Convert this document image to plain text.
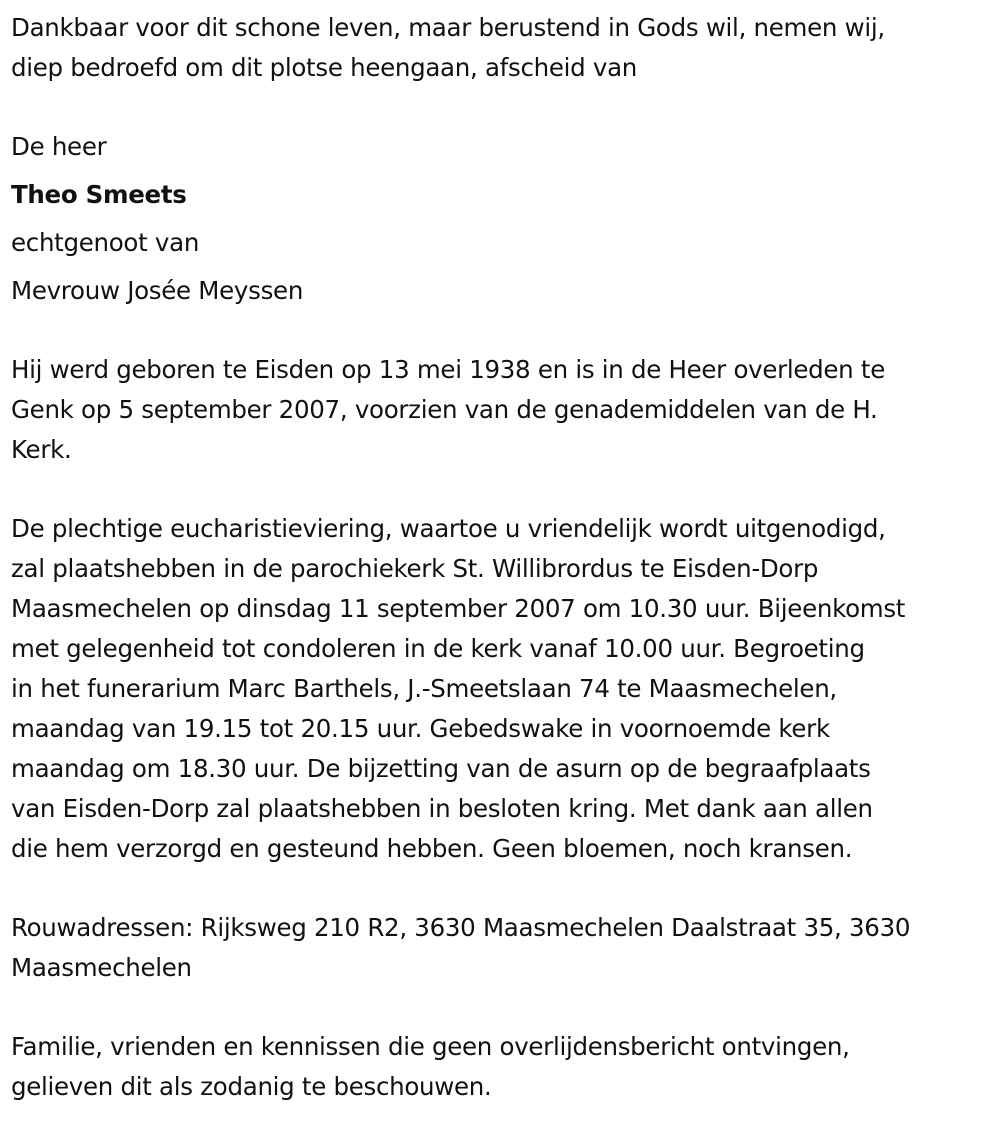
Dankbaar voor dit schone leven, maar berustend in Gods wil, nemen wij,

diep bedroefd om dit plotse heengaan, afscheid van

De heer

Theo Smeets

echtgenoot van

Mevrouw Josée Meyssen

Hij werd geboren te Eisden op 13 mei 1938 en is in de Heer overleden te

Genk op 5 september 2007, voorzien van de genademiddelen van de H.

Kerk.

De plechtige eucharistieviering, waartoe u vriendelijk wordt uitgenodigd,

zal plaatshebben in de parochiekerk St. Willibrordus te Eisden-Dorp

Maasmechelen op dinsdag 11 september 2007 om 10.30 uur. Bijeenkomst

met gelegenheid tot condoleren in de kerk vanaf 10.00 uur. Begroeting

in het funerarium Marc Barthels, J.-Smeetslaan 74 te Maasmechelen,

maandag van 19.15 tot 20.15 uur. Gebedswake in voornoemde kerk

maandag om 18.30 uur. De bijzetting van de asurn op de begraafplaats

van Eisden-Dorp zal plaatshebben in besloten kring. Met dank aan allen

die hem verzorgd en gesteund hebben. Geen bloemen, noch kransen.

Rouwadressen: Rijksweg 210 R2, 3630 Maasmechelen Daalstraat 35, 3630

Maasmechelen

Familie, vrienden en kennissen die geen overlijdensbericht ontvingen,

gelieven dit als zodanig te beschouwen.
